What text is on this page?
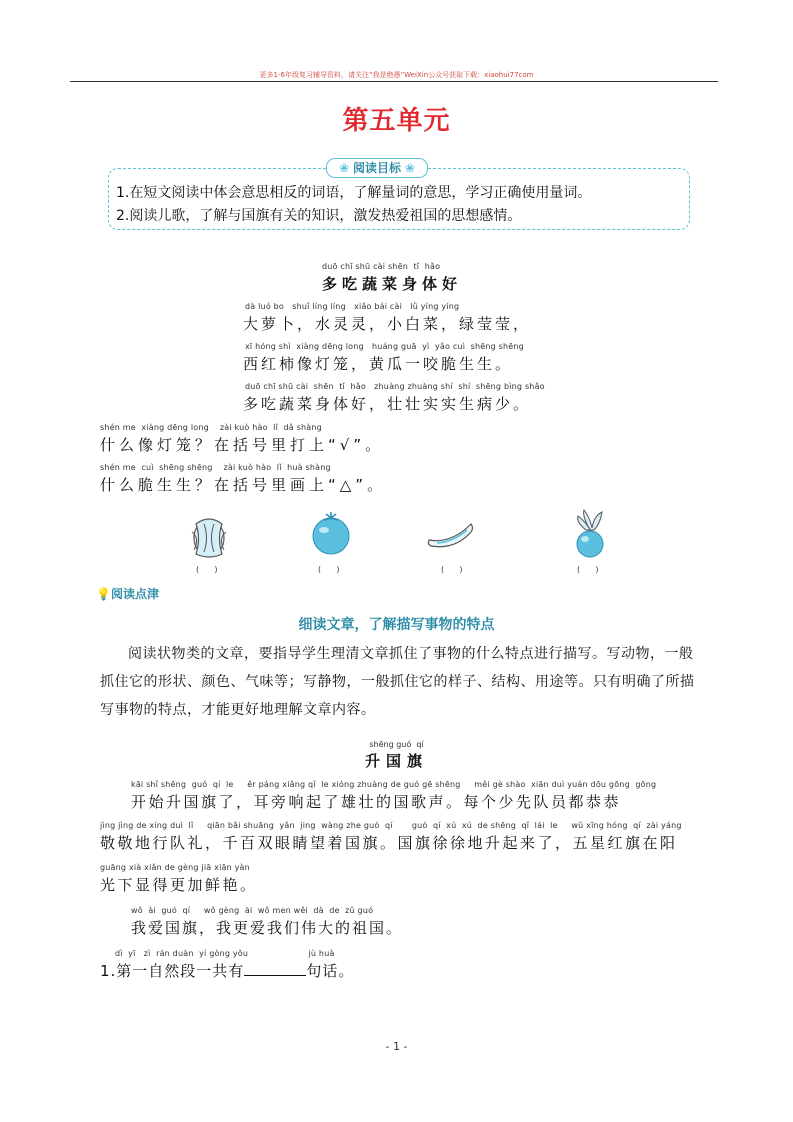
更多1-6年级复习辅导资料，请关注“我是绝愚”WeiXin公众号获取下载：xiaohui77com
第五单元
❀ 阅读目标 ❀
1.在短文阅读中体会意思相反的词语，了解量词的意思，学习正确使用量词。
2.阅读儿歌，了解与国旗有关的知识，激发热爱祖国的思想感情。
duō chī shū cài shēn  tǐ  hǎo
多吃蔬菜身体好
dà luó bo   shuǐ líng líng   xiǎo bái cài   lǜ yíng yíng
大萝卜，水灵灵，小白菜，绿莹莹，
xī hóng shì  xiàng dēng long   huáng guā  yì  yǎo cuì  shēng shēng
西红柿像灯笼，黄瓜一咬脆生生。
duō chī shū cài  shēn  tǐ  hǎo   zhuàng zhuàng shí  shí  shēng bìng shǎo
多吃蔬菜身体好，壮壮实实生病少。
shén me  xiàng dēng long    zài kuò hào  lǐ  dǎ shàng
什么像灯笼？在括号里打上“√”。
shén me  cuì  shēng shēng    zài kuò hào  lǐ  huà shàng
什么脆生生？在括号里画上“△”。
(      )	(      )	(      )	(      )
💡阅读点津
细读文章，了解描写事物的特点
阅读状物类的文章，要指导学生理清文章抓住了事物的什么特点进行描写。写动物，一般抓住它的形状、颜色、气味等；写静物，一般抓住它的样子、结构、用途等。只有明确了所描写事物的特点，才能更好地理解文章内容。
shēng guó  qí
升国旗
kāi shǐ shēng  guó  qí  le     ěr páng xiǎng qǐ  le xióng zhuàng de guó gē shēng     měi gè shào  xiān duì yuán dōu gōng  gōng
开始升国旗了，耳旁响起了雄壮的国歌声。每个少先队员都恭恭
jìng jìng de xíng duì  lǐ     qiān bǎi shuāng  yǎn  jing  wàng zhe guó  qí       guó  qí  xú  xú  de shēng  qǐ  lái  le     wǔ xīng hóng  qí  zài yáng
敬敬地行队礼，千百双眼睛望着国旗。国旗徐徐地升起来了，五星红旗在阳
guāng xià xiǎn de gèng jiā xiān yàn
光下显得更加鲜艳。
wǒ  ài  guó  qí     wǒ gèng  ài  wǒ men wěi  dà  de  zǔ guó
我爱国旗，我更爱我们伟大的祖国。
dì  yī   zì  rán duàn  yí gòng yǒu                      jù huà
1.第一自然段一共有	句话。
- 1 -
